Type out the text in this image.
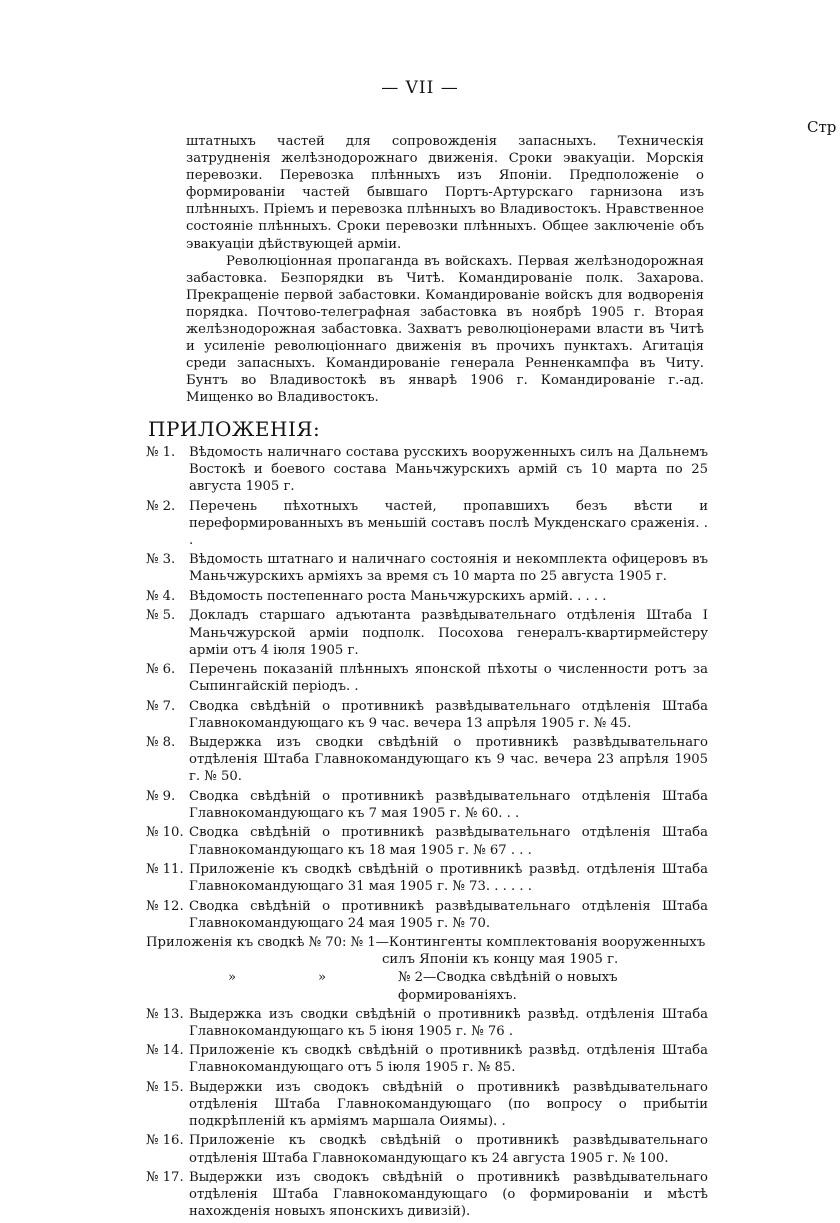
— VII —
Стр

штатныхъ частей для сопровожденія запасныхъ. Техническія затрудненія желѣзнодорожнаго движенія. Сроки эвакуаціи. Морскія перевозки. Перевозка плѣнныхъ изъ Японіи. Предположеніе о формированіи частей бывшаго Портъ-Артурскаго гарнизона изъ плѣнныхъ. Пріемъ и перевозка плѣнныхъ во Владивостокъ. Нравственное состояніе плѣнныхъ. Сроки перевозки плѣнныхъ. Общее заключеніе объ эвакуаціи дѣйствующей арміи.

Революціонная пропаганда въ войскахъ. Первая желѣзнодорожная забастовка. Безпорядки въ Читѣ. Командированіе полк. Захарова. Прекращеніе первой забастовки. Командированіе войскъ для водворенія порядка. Почтово-телеграфная забастовка въ ноябрѣ 1905 г. Вторая желѣзнодорожная забастовка. Захватъ революціонерами власти въ Читѣ и усиленіе революціоннаго движенія въ прочихъ пунктахъ. Агитація среди запасныхъ. Командированіе генерала Ренненкампфа въ Читу. Бунтъ во Владивостокѣ въ январѣ 1906 г. Командированіе г.-ад. Мищенко во Владивостокъ.

ПРИЛОЖЕНІЯ:
№ 1.	Вѣдомость наличнаго состава русскихъ вооруженныхъ силъ на Дальнемъ Востокѣ и боевого состава Маньчжурскихъ армій съ 10 марта по 25 августа 1905 г.
№ 2.	Перечень пѣхотныхъ частей, пропавшихъ безъ вѣсти и переформированныхъ въ меньшій составъ послѣ Мукденскаго сраженія. . .
№ 3.	Вѣдомость штатнаго и наличнаго состоянія и некомплекта офицеровъ въ Маньчжурскихъ арміяхъ за время съ 10 марта по 25 августа 1905 г.
№ 4.	Вѣдомость постепеннаго роста Маньчжурскихъ армій. . . . .
№ 5.	Докладъ старшаго адъютанта развѣдывательнаго отдѣленія Штаба I Маньчжурской арміи подполк. Посохова генералъ-квартирмейстеру арміи отъ 4 іюля 1905 г.
№ 6.	Перечень показаній плѣнныхъ японской пѣхоты о численности ротъ за Сыпингайскій періодъ. .
№ 7.	Сводка свѣдѣній о противникѣ развѣдывательнаго отдѣленія Штаба Главнокомандующаго къ 9 час. вечера 13 апрѣля 1905 г. № 45.
№ 8.	Выдержка изъ сводки свѣдѣній о противникѣ развѣдывательнаго отдѣленія Штаба Главнокомандующаго къ 9 час. вечера 23 апрѣля 1905 г. № 50.
№ 9.	Сводка свѣдѣній о противникѣ развѣдывательнаго отдѣленія Штаба Главнокомандующаго къ 7 мая 1905 г. № 60. . .
№ 10. Сводка свѣдѣній о противникѣ развѣдывательнаго отдѣленія Штаба Главнокомандующаго къ 18 мая 1905 г. № 67 . . .
№ 11. Приложеніе къ сводкѣ свѣдѣній о противникѣ развѣд. отдѣленія Штаба Главнокомандующаго 31 мая 1905 г. № 73. . . . . .
№ 12. Сводка свѣдѣній о противникѣ развѣдывательнаго отдѣленія Штаба Главнокомандующаго 24 мая 1905 г. № 70.
Приложенія къ сводкѣ № 70: № 1—Контингенты комплектованія вооруженныхъ
силъ Японіи къ концу мая 1905 г.
»	»	№ 2—Сводка свѣдѣній о новыхъ формированіяхъ.
№ 13. Выдержка изъ сводки свѣдѣній о противникѣ развѣд. отдѣленія Штаба Главнокомандующаго къ 5 іюня 1905 г. № 76 .
№ 14. Приложеніе къ сводкѣ свѣдѣній о противникѣ развѣд. отдѣленія Штаба Главнокомандующаго отъ 5 іюля 1905 г. № 85.
№ 15. Выдержки изъ сводокъ свѣдѣній о противникѣ развѣдывательнаго отдѣленія Штаба Главнокомандующаго (по вопросу о прибытіи подкрѣпленій къ арміямъ маршала Оиямы). .
№ 16. Приложеніе къ сводкѣ свѣдѣній о противникѣ развѣдывательнаго отдѣленія Штаба Главнокомандующаго къ 24 августа 1905 г. № 100.
№ 17. Выдержки изъ сводокъ свѣдѣній о противникѣ развѣдывательнаго отдѣленія Штаба Главнокомандующаго (о формированіи и мѣстѣ нахожденія новыхъ японскихъ дивизій).
